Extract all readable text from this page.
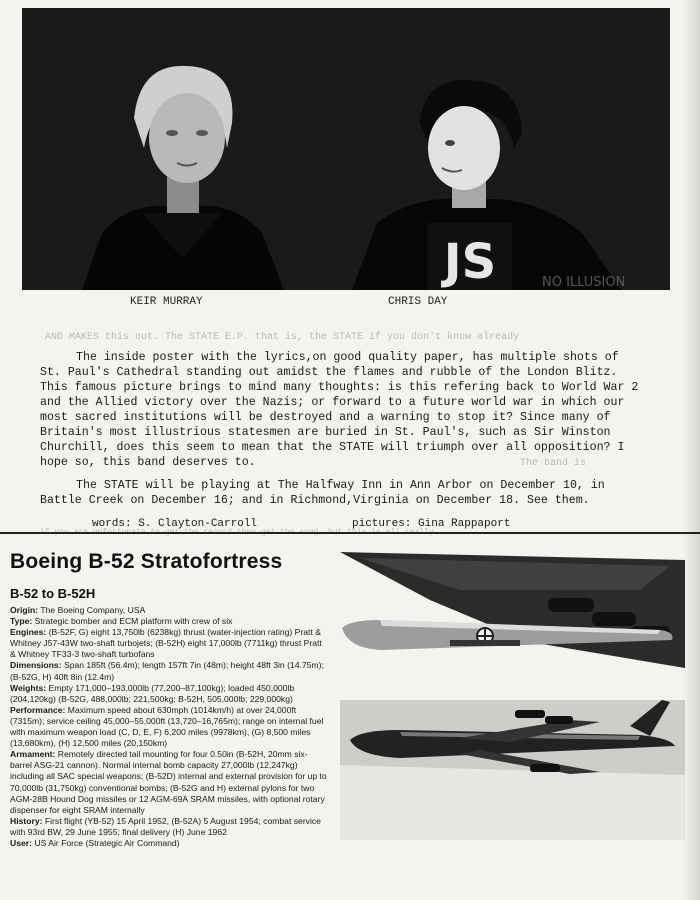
JS	NO ILLUSION
KEIR MURRAY	CHRIS DAY
AND MAKES this out. The STATE E.P. that is, the STATE if you don't know already
The band is

The inside poster with the lyrics,on good quality paper, has multiple shots of St. Paul's Cathedral standing out amidst the flames and rubble of the London Blitz. This famous picture brings to mind many thoughts: is this refering back to World War 2 and the Allied victory over the Nazis; or forward to a future world war in which our most sacred institutions will be destroyed and a warning to stop it? Since many of Britain's most illustrious statesmen are buried in St. Paul's, such as Sir Winston Churchill, does this seem to mean that the STATE will triumph over all opposition? I hope so, this band deserves to.

The STATE will be playing at The Halfway Inn in Ann Arbor on December 10, in Battle Creek on December 16; and in Richmond,Virginia on December 18. See them.

words: S. Clayton-Carroll	pictures: Gina Rappaport
Boeing B-52 Stratofortress
B-52 to B-52H

Origin: The Boeing Company, USA

Type: Strategic bomber and ECM platform with crew of six

Engines: (B-52F, G) eight 13,750lb (6238kg) thrust (water-injection rating) Pratt & Whitney J57-43W two-shaft turbojets; (B-52H) eight 17,000lb (7711kg) thrust Pratt & Whitney TF33-3 two-shaft turbofans

Dimensions: Span 185ft (56.4m); length 157ft 7in (48m); height 48ft 3in (14.75m); (B-52G, H) 40ft 8in (12.4m)

Weights: Empty 171,000–193,000lb (77,200–87,100kg); loaded 450,000lb (204,120kg) (B-52G, 488,000lb; 221,500kg; B-52H, 505,000lb; 229,000kg)

Performance: Maximum speed about 630mph (1014km/h) at over 24,000ft (7315m); service ceiling 45,000–55,000ft (13,720–16,765m); range on internal fuel with maximum weapon load (C, D, E, F) 6,200 miles (9978km), (G) 8,500 miles (13,680km), (H) 12,500 miles (20,150km)

Armament: Remotely directed tail mounting for four 0.50in (B-52H, 20mm six-barrel ASG-21 cannon). Normal internal bomb capacity 27,000lb (12,247kg) including all SAC special weapons; (B-52D) internal and external provision for up to 70,000lb (31,750kg) conventional bombs; (B-52G and H) external pylons for two AGM-28B Hound Dog missiles or 12 AGM-69A SRAM missiles, with optional rotary dispenser for eight SRAM internally

History: First flight (YB-52) 15 April 1952, (B-52A) 5 August 1954; combat service with 93rd BW, 29 June 1955; final delivery (H) June 1962

User: US Air Force (Strategic Air Command)
